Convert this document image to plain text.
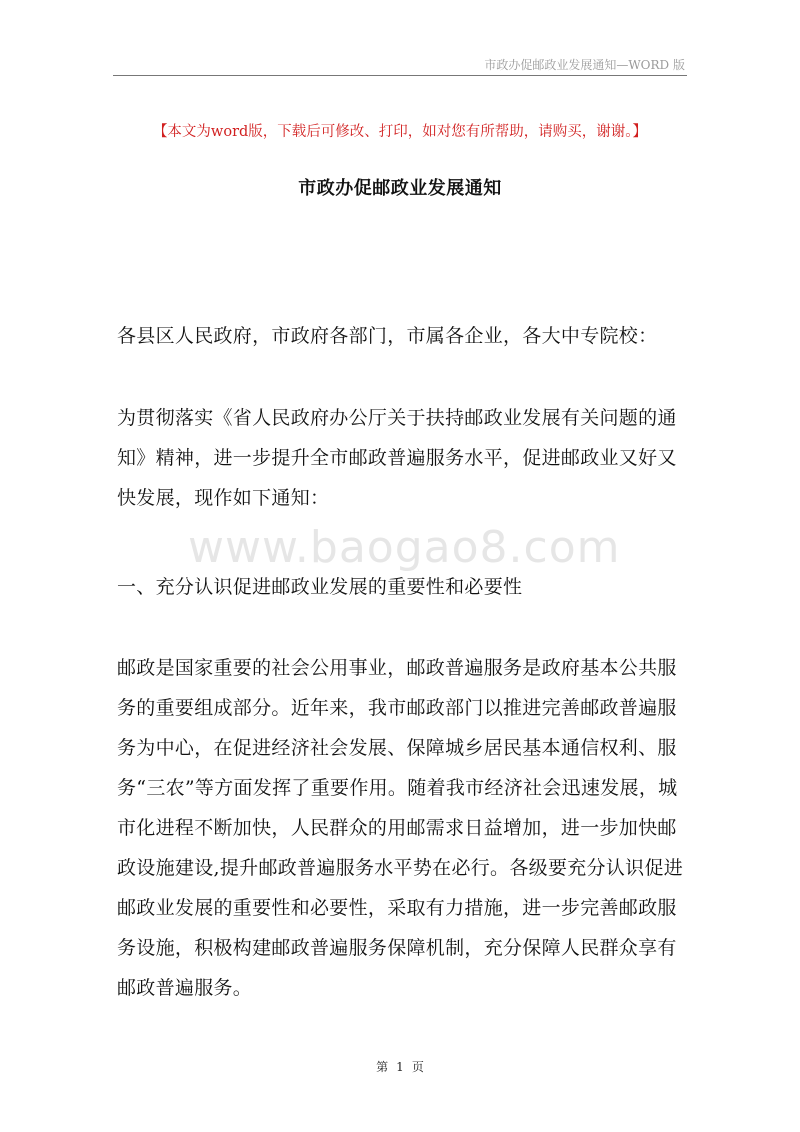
市政办促邮政业发展通知—WORD 版
【本文为word版，下载后可修改、打印，如对您有所帮助，请购买，谢谢。】
市政办促邮政业发展通知

各县区人民政府，市政府各部门，市属各企业，各大中专院校：

为贯彻落实《省人民政府办公厅关于扶持邮政业发展有关问题的通知》精神，进一步提升全市邮政普遍服务水平，促进邮政业又好又快发展，现作如下通知：

www.baogao8.com

一、充分认识促进邮政业发展的重要性和必要性

邮政是国家重要的社会公用事业，邮政普遍服务是政府基本公共服务的重要组成部分。近年来，我市邮政部门以推进完善邮政普遍服务为中心，在促进经济社会发展、保障城乡居民基本通信权利、服务“三农”等方面发挥了重要作用。随着我市经济社会迅速发展，城市化进程不断加快，人民群众的用邮需求日益增加，进一步加快邮政设施建设,提升邮政普遍服务水平势在必行。各级要充分认识促进邮政业发展的重要性和必要性，采取有力措施，进一步完善邮政服务设施，积极构建邮政普遍服务保障机制，充分保障人民群众享有邮政普遍服务。

第 1 页
